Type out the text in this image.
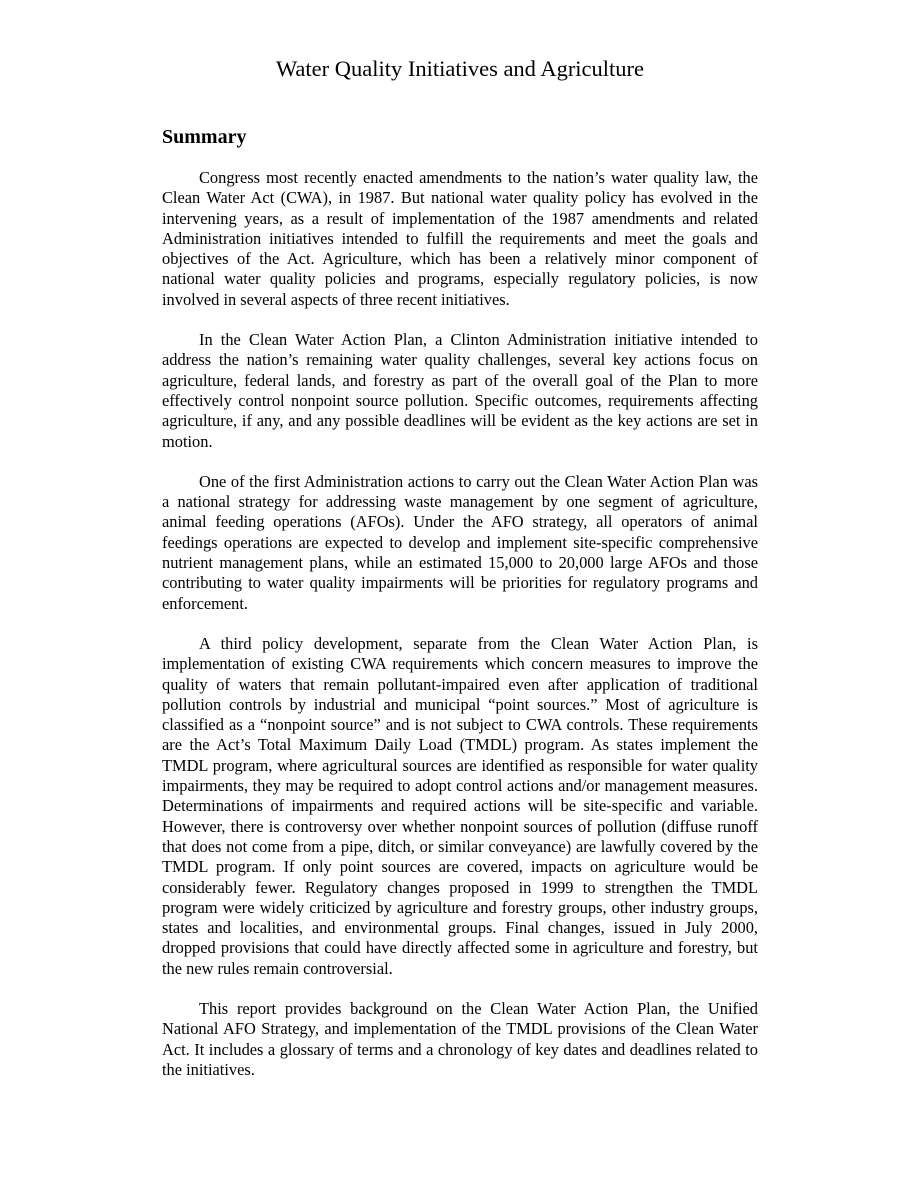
Water Quality Initiatives and Agriculture
Summary

Congress most recently enacted amendments to the nation’s water quality law, the Clean Water Act (CWA), in 1987. But national water quality policy has evolved in the intervening years, as a result of implementation of the 1987 amendments and related Administration initiatives intended to fulfill the requirements and meet the goals and objectives of the Act. Agriculture, which has been a relatively minor component of national water quality policies and programs, especially regulatory policies, is now involved in several aspects of three recent initiatives.

In the Clean Water Action Plan, a Clinton Administration initiative intended to address the nation’s remaining water quality challenges, several key actions focus on agriculture, federal lands, and forestry as part of the overall goal of the Plan to more effectively control nonpoint source pollution. Specific outcomes, requirements affecting agriculture, if any, and any possible deadlines will be evident as the key actions are set in motion.

One of the first Administration actions to carry out the Clean Water Action Plan was a national strategy for addressing waste management by one segment of agriculture, animal feeding operations (AFOs). Under the AFO strategy, all operators of animal feedings operations are expected to develop and implement site-specific comprehensive nutrient management plans, while an estimated 15,000 to 20,000 large AFOs and those contributing to water quality impairments will be priorities for regulatory programs and enforcement.

A third policy development, separate from the Clean Water Action Plan, is implementation of existing CWA requirements which concern measures to improve the quality of waters that remain pollutant-impaired even after application of traditional pollution controls by industrial and municipal “point sources.” Most of agriculture is classified as a “nonpoint source” and is not subject to CWA controls. These requirements are the Act’s Total Maximum Daily Load (TMDL) program. As states implement the TMDL program, where agricultural sources are identified as responsible for water quality impairments, they may be required to adopt control actions and/or management measures. Determinations of impairments and required actions will be site-specific and variable. However, there is controversy over whether nonpoint sources of pollution (diffuse runoff that does not come from a pipe, ditch, or similar conveyance) are lawfully covered by the TMDL program. If only point sources are covered, impacts on agriculture would be considerably fewer. Regulatory changes proposed in 1999 to strengthen the TMDL program were widely criticized by agriculture and forestry groups, other industry groups, states and localities, and environmental groups. Final changes, issued in July 2000, dropped provisions that could have directly affected some in agriculture and forestry, but the new rules remain controversial.

This report provides background on the Clean Water Action Plan, the Unified National AFO Strategy, and implementation of the TMDL provisions of the Clean Water Act. It includes a glossary of terms and a chronology of key dates and deadlines related to the initiatives.
